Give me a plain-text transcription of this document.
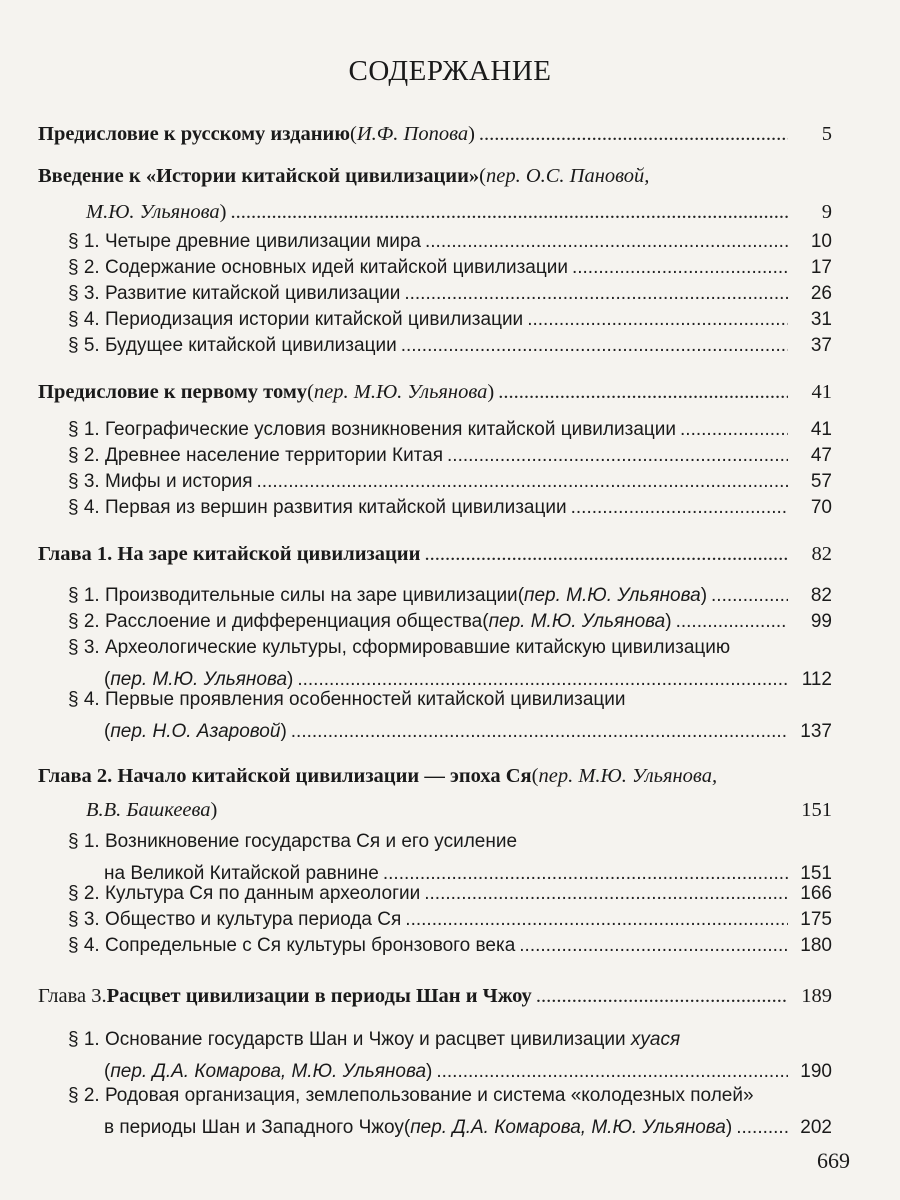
СОДЕРЖАНИЕ
Предисловие к русскому изданию ( И.Ф. Попова ) .....	5
Введение к «Истории китайской цивилизации» ( пер. О.С. Пановой,
М.Ю. Ульянова ) .....	9
§ 1. Четыре древние цивилизации мира .....	10
§ 2. Содержание основных идей китайской цивилизации .....	17
§ 3. Развитие китайской цивилизации .....	26
§ 4. Периодизация истории китайской цивилизации .....	31
§ 5. Будущее китайской цивилизации .....	37
Предисловие к первому тому ( пер. М.Ю. Ульянова ) .....	41
§ 1. Географические условия возникновения китайской цивилизации .....	41
§ 2. Древнее население территории Китая .....	47
§ 3. Мифы и история .....	57
§ 4. Первая из вершин развития китайской цивилизации .....	70
Глава 1. На заре китайской цивилизации .....	82
§ 1. Производительные силы на заре цивилизации ( пер. М.Ю. Ульянова ) .....	82
§ 2. Расслоение и дифференциация общества ( пер. М.Ю. Ульянова ) .....	99
§ 3. Археологические культуры, сформировавшие китайскую цивилизацию
( пер. М.Ю. Ульянова ) .....	112
§ 4. Первые проявления особенностей китайской цивилизации
( пер. Н.О. Азаровой ) .....	137
Глава 2. Начало китайской цивилизации — эпоха Ся ( пер. М.Ю. Ульянова,
В.В. Башкеева )	151
§ 1. Возникновение государства Ся и его усиление
на Великой Китайской равнине .....	151
§ 2. Культура Ся по данным археологии .....	166
§ 3. Общество и культура периода Ся .....	175
§ 4. Сопредельные с Ся культуры бронзового века .....	180
Глава 3. Расцвет цивилизации в периоды Шан и Чжоу .....	189
§ 1. Основание государств Шан и Чжоу и расцвет цивилизации
хуася
( пер. Д.А. Комарова, М.Ю. Ульянова ) .....	190
§ 2. Родовая организация, землепользование и система «колодезных полей»
в периоды Шан и Западного Чжоу ( пер. Д.А. Комарова, М.Ю. Ульянова ) .....	202
669
